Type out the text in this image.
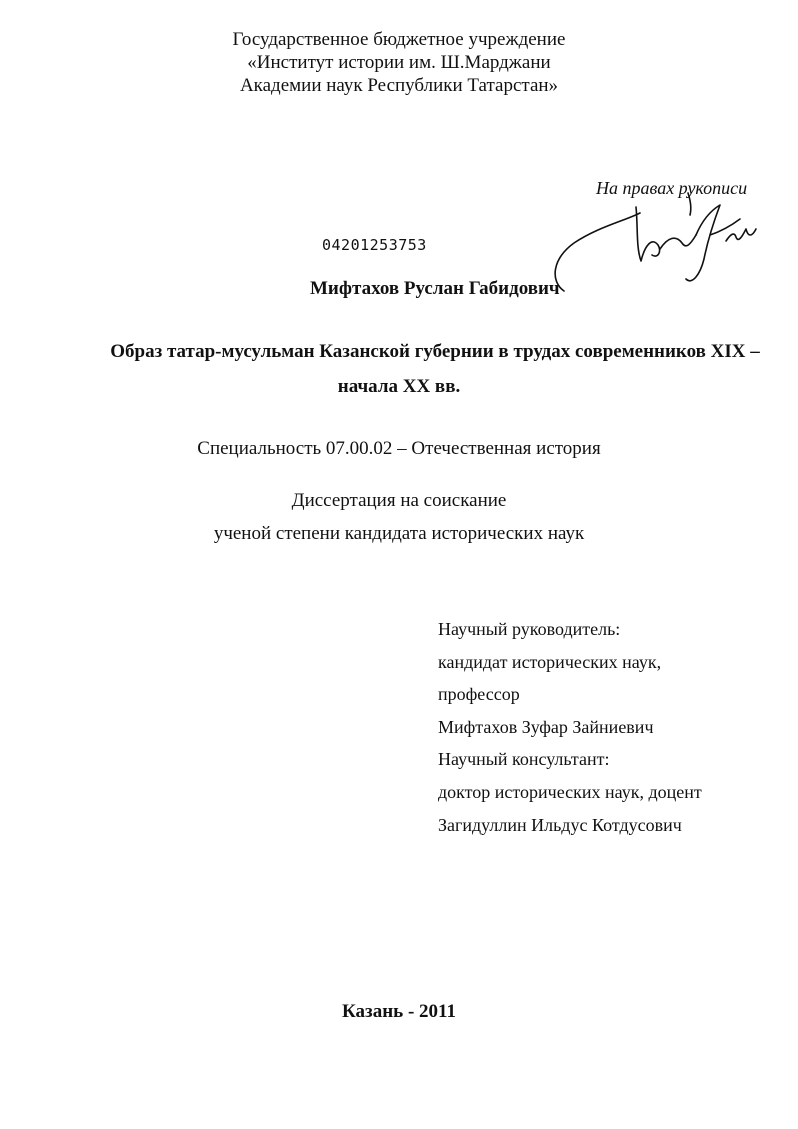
Государственное бюджетное учреждение
«Институт истории им. Ш.Марджани
Академии наук Республики Татарстан»
На правах рукописи
04201253753
Мифтахов Руслан Габидович
Образ татар-мусульман Казанской губернии в трудах современников XIX –
начала XX вв.
Специальность 07.00.02 – Отечественная история
Диссертация на соискание
ученой степени кандидата исторических наук
Научный руководитель:
кандидат исторических наук,
профессор
Мифтахов Зуфар Зайниевич
Научный консультант:
доктор исторических наук, доцент
Загидуллин Ильдус Котдусович
Казань - 2011
